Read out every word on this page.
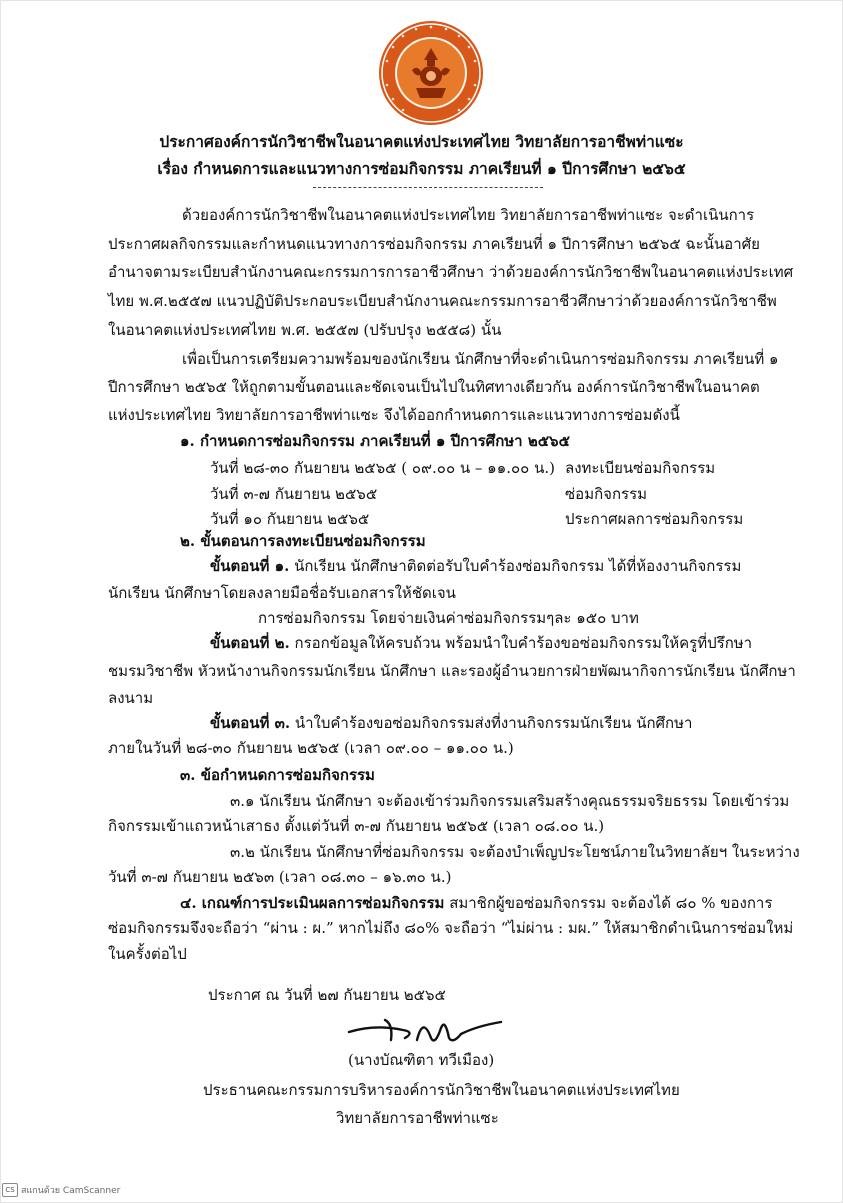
ประกาศองค์การนักวิชาชีพในอนาคตแห่งประเทศไทย วิทยาลัยการอาชีพท่าแซะ
เรื่อง กำหนดการและแนวทางการซ่อมกิจกรรม ภาคเรียนที่ ๑ ปีการศึกษา ๒๕๖๕
ด้วยองค์การนักวิชาชีพในอนาคตแห่งประเทศไทย วิทยาลัยการอาชีพท่าแซะ จะดำเนินการ
ประกาศผลกิจกรรมและกำหนดแนวทางการซ่อมกิจกรรม ภาคเรียนที่ ๑ ปีการศึกษา ๒๕๖๕ ฉะนั้นอาศัย
อำนาจตามระเบียบสำนักงานคณะกรรมการการอาชีวศึกษา ว่าด้วยองค์การนักวิชาชีพในอนาคตแห่งประเทศ
ไทย พ.ศ.๒๕๕๗ แนวปฏิบัติประกอบระเบียบสำนักงานคณะกรรมการอาชีวศึกษาว่าด้วยองค์การนักวิชาชีพ
ในอนาคตแห่งประเทศไทย พ.ศ. ๒๕๕๗ (ปรับปรุง ๒๕๕๘) นั้น
เพื่อเป็นการเตรียมความพร้อมของนักเรียน นักศึกษาที่จะดำเนินการซ่อมกิจกรรม ภาคเรียนที่ ๑
ปีการศึกษา ๒๕๖๕ ให้ถูกตามขั้นตอนและชัดเจนเป็นไปในทิศทางเดียวกัน องค์การนักวิชาชีพในอนาคต
แห่งประเทศไทย วิทยาลัยการอาชีพท่าแซะ จึงได้ออกกำหนดการและแนวทางการซ่อมดังนี้
๑. กำหนดการซ่อมกิจกรรม ภาคเรียนที่ ๑ ปีการศึกษา ๒๕๖๕
วันที่ ๒๘-๓๐ กันยายน ๒๕๖๕ ( ๐๙.๐๐ น – ๑๑.๐๐ น.) ลงทะเบียนซ่อมกิจกรรม
วันที่ ๓-๗ กันยายน ๒๕๖๕	ซ่อมกิจกรรม
วันที่ ๑๐ กันยายน ๒๕๖๕	ประกาศผลการซ่อมกิจกรรม
๒. ขั้นตอนการลงทะเบียนซ่อมกิจกรรม
ขั้นตอนที่ ๑. นักเรียน นักศึกษาติดต่อรับใบคำร้องซ่อมกิจกรรม ได้ที่ห้องงานกิจกรรม
นักเรียน นักศึกษาโดยลงลายมือชื่อรับเอกสารให้ชัดเจน
การซ่อมกิจกรรม โดยจ่ายเงินค่าซ่อมกิจกรรมๆละ ๑๕๐ บาท
ขั้นตอนที่ ๒. กรอกข้อมูลให้ครบถ้วน พร้อมนำใบคำร้องขอซ่อมกิจกรรมให้ครูที่ปรึกษา
ชมรมวิชาชีพ หัวหน้างานกิจกรรมนักเรียน นักศึกษา และรองผู้อำนวยการฝ่ายพัฒนากิจการนักเรียน นักศึกษา
ลงนาม
ขั้นตอนที่ ๓. นำใบคำร้องขอซ่อมกิจกรรมส่งที่งานกิจกรรมนักเรียน นักศึกษา
ภายในวันที่ ๒๘-๓๐ กันยายน ๒๕๖๕ (เวลา ๐๙.๐๐ – ๑๑.๐๐ น.)
๓. ข้อกำหนดการซ่อมกิจกรรม
๓.๑ นักเรียน นักศึกษา จะต้องเข้าร่วมกิจกรรมเสริมสร้างคุณธรรมจริยธรรม โดยเข้าร่วม
กิจกรรมเข้าแถวหน้าเสาธง ตั้งแต่วันที่ ๓-๗ กันยายน ๒๕๖๕ (เวลา ๐๘.๐๐ น.)
๓.๒ นักเรียน นักศึกษาที่ซ่อมกิจกรรม จะต้องบำเพ็ญประโยชน์ภายในวิทยาลัยฯ ในระหว่าง
วันที่ ๓-๗ กันยายน ๒๕๖๓ (เวลา ๐๘.๓๐ – ๑๖.๓๐ น.)
๔. เกณฑ์การประเมินผลการซ่อมกิจกรรม สมาชิกผู้ขอซ่อมกิจกรรม จะต้องได้ ๘๐ % ของการ
ซ่อมกิจกรรมจึงจะถือว่า “ผ่าน : ผ.” หากไม่ถึง ๘๐% จะถือว่า “ไม่ผ่าน : มผ.” ให้สมาชิกดำเนินการซ่อมใหม่
ในครั้งต่อไป
ประกาศ ณ วันที่ ๒๗ กันยายน ๒๕๖๕
(นางบัณฑิตา ทวีเมือง)
ประธานคณะกรรมการบริหารองค์การนักวิชาชีพในอนาคตแห่งประเทศไทย
วิทยาลัยการอาชีพท่าแซะ
CS สแกนด้วย CamScanner
